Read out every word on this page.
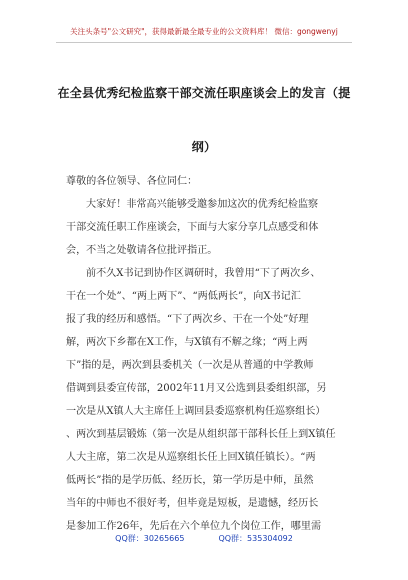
关注头条号"公文研究"，获得最新最全最专业的公文资料库！ 微信：gongwenyj
在全县优秀纪检监察干部交流任职座谈会上的发言（提
纲）

尊敬的各位领导、各位同仁：

大家好！非常高兴能够受邀参加这次的优秀纪检监察

干部交流任职工作座谈会，下面与大家分享几点感受和体

会，不当之处敬请各位批评指正。

前不久X书记到协作区调研时，我曾用“下了两次乡、

干在一个处”、“两上两下”、“两低两长”，向X书记汇

报了我的经历和感悟。“下了两次乡、干在一个处”好理

解，两次下乡都在X工作，与X镇有不解之缘；“两上两

下”指的是，两次到县委机关（一次是从普通的中学教师

借调到县委宣传部，2002年11月又公选到县委组织部，另

一次是从X镇人大主席任上调回县委巡察机构任巡察组长）

、两次到基层锻炼（第一次是从组织部干部科长任上到X镇任

人大主席，第二次是从巡察组长任上回X镇任镇长）。“两

低两长”指的是学历低、经历长，第一学历是中师，虽然

当年的中师也不很好考，但毕竟是短板，是遗憾，经历长

是参加工作26年，先后在六个单位九个岗位工作，哪里需

QQ群：30265665	QQ群：535304092
